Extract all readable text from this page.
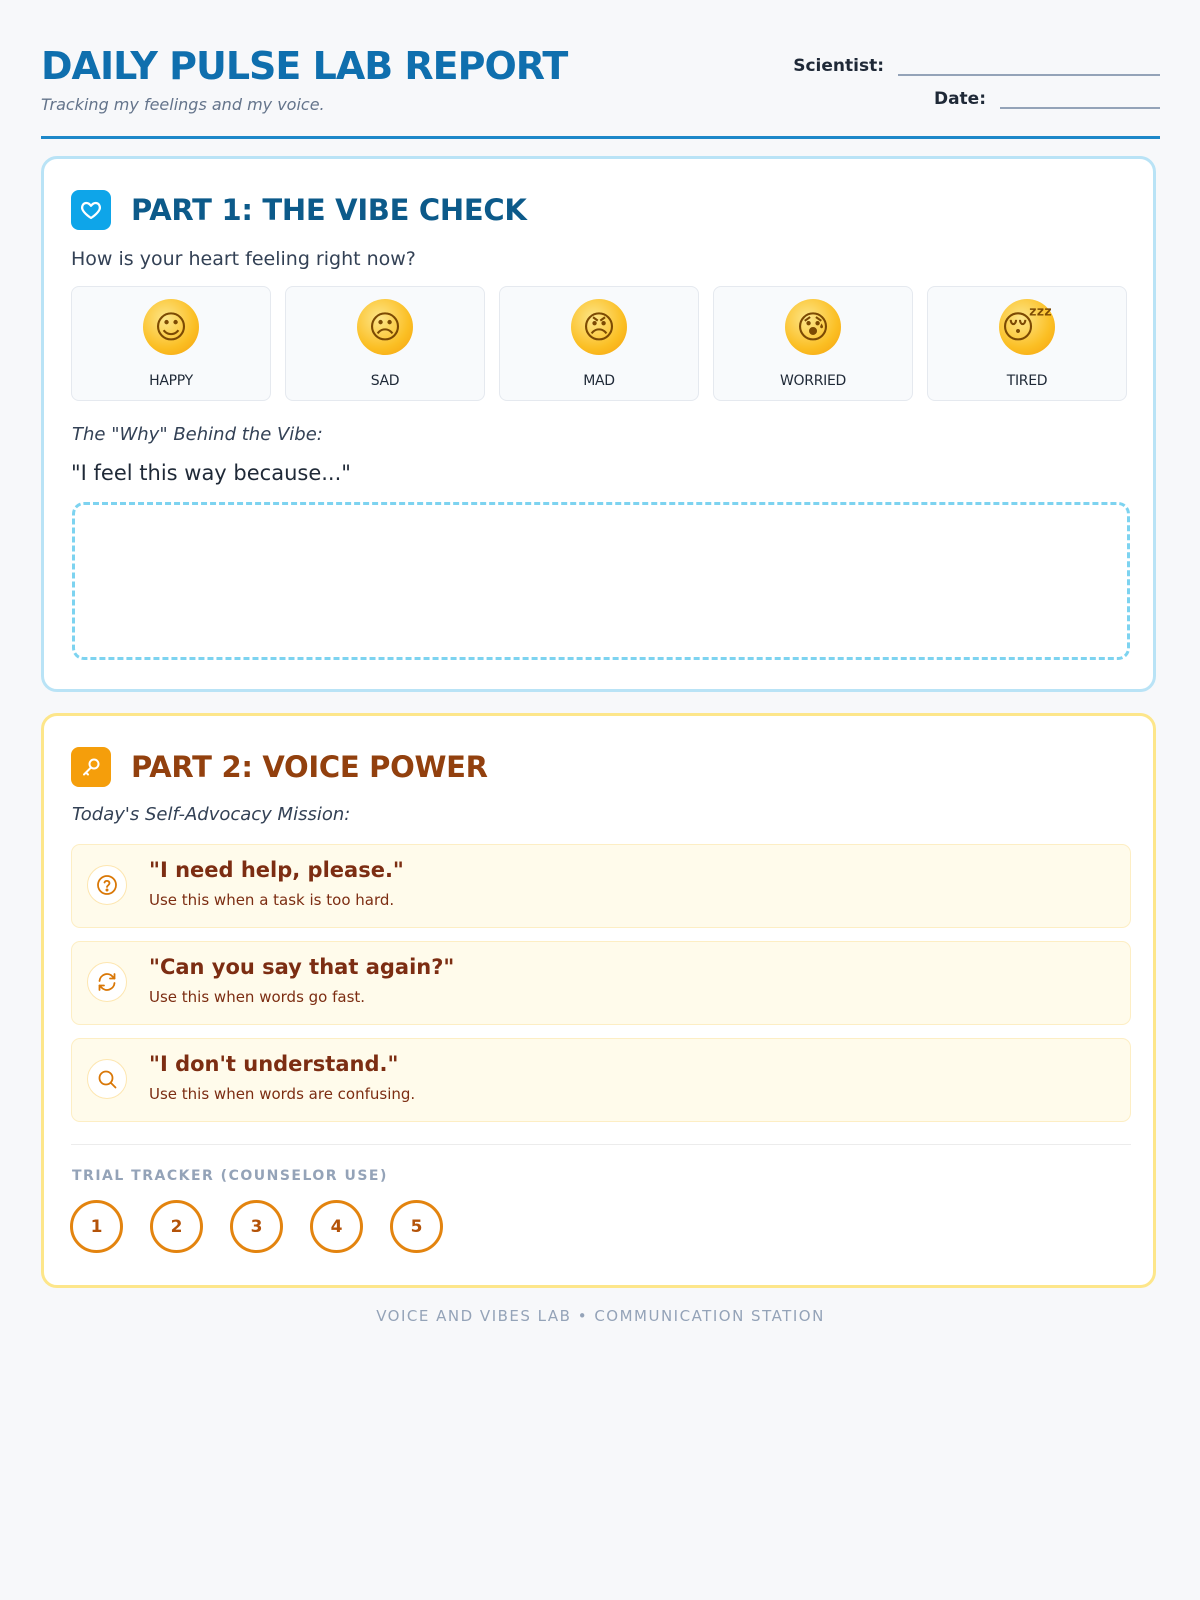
DAILY PULSE LAB REPORT
Tracking my feelings and my voice.
Scientist:
Date:
PART 1: THE VIBE CHECK
How is your heart feeling right now?
☺
HAPPY
☹
SAD
😠
MAD
😰
WORRIED
😴
TIRED
The "Why" Behind the Vibe:
"I feel this way because..."
PART 2: VOICE POWER
Today's Self-Advocacy Mission:
"I need help, please."
Use this when a task is too hard.
"Can you say that again?"
Use this when words go fast.
"I don't understand."
Use this when words are confusing.
TRIAL TRACKER (COUNSELOR USE)
1	2	3	4	5
VOICE AND VIBES LAB • COMMUNICATION STATION
